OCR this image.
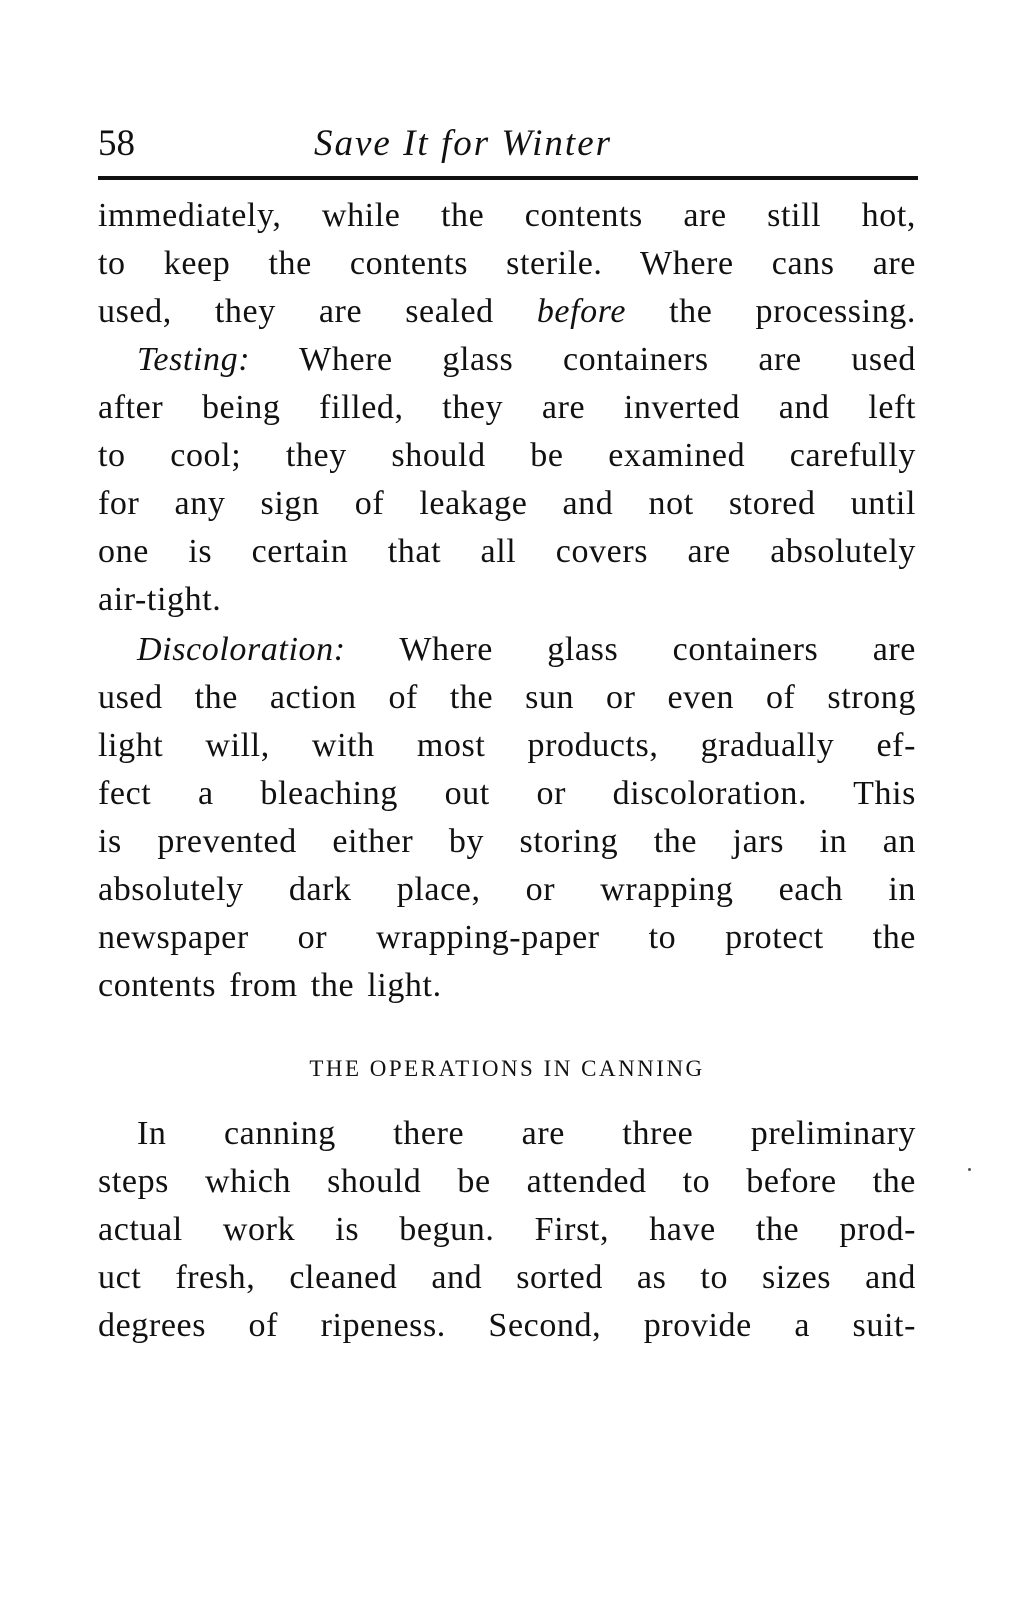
58	Save It for Winter
immediately, while the contents are still hot,
to keep the contents sterile. Where cans are
used, they are sealed before the processing.
Testing: Where glass containers are used
after being filled, they are inverted and left
to cool; they should be examined carefully
for any sign of leakage and not stored until
one is certain that all covers are absolutely
air-tight.
Discoloration: Where glass containers are
used the action of the sun or even of strong
light will, with most products, gradually ef-
fect a bleaching out or discoloration. This
is prevented either by storing the jars in an
absolutely dark place, or wrapping each in
newspaper or wrapping-paper to protect the
contents from the light.
THE OPERATIONS IN CANNING
In canning there are three preliminary
steps which should be attended to before the
actual work is begun. First, have the prod-
uct fresh, cleaned and sorted as to sizes and
degrees of ripeness. Second, provide a suit-
